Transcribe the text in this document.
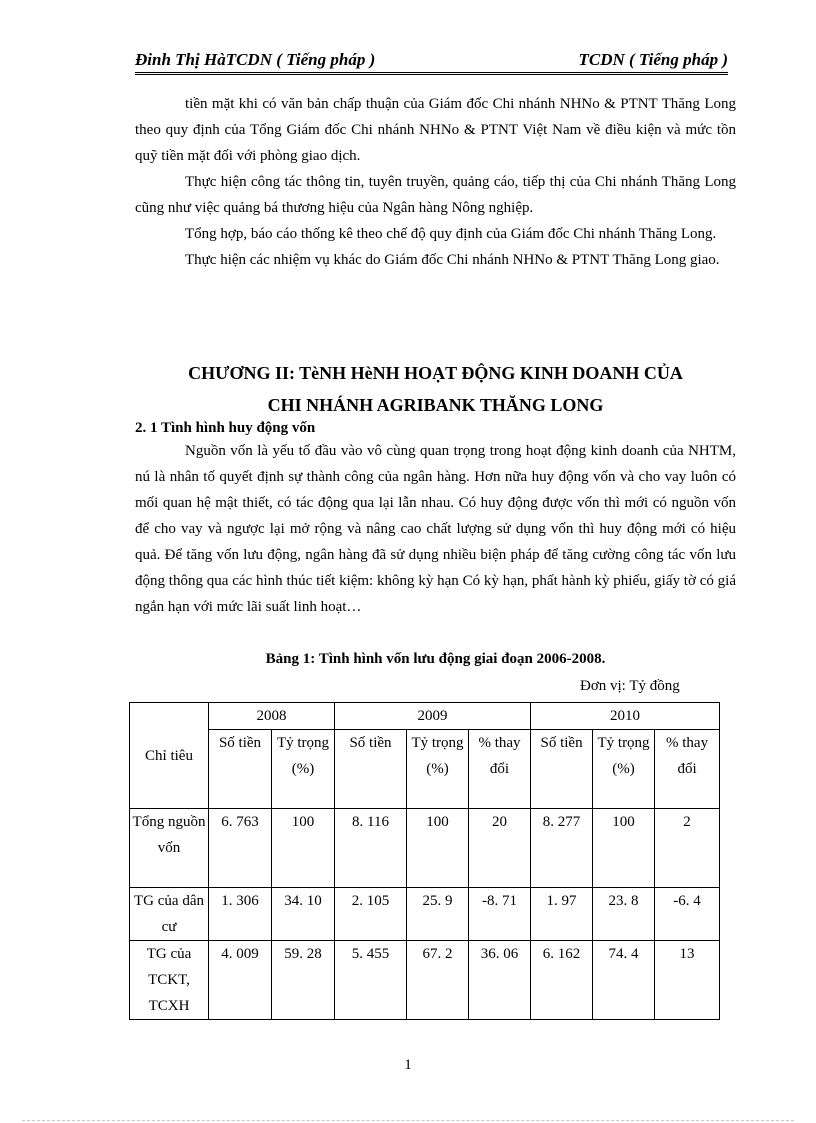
Đinh Thị HàTCDN ( Tiếng pháp )	TCDN ( Tiếng pháp )

tiền mặt khi có văn bản chấp thuận của Giám đốc Chi nhánh NHNo & PTNT Thăng Long theo quy định của Tổng Giám đốc Chi nhánh NHNo & PTNT Việt Nam về điều kiện và mức tồn quỹ tiền mặt đối với phòng giao dịch.

Thực hiện công tác thông tin, tuyên truyền, quảng cáo, tiếp thị của Chi nhánh Thăng Long cũng như việc quảng bá thương hiệu của Ngân hàng Nông nghiệp.

Tổng hợp, báo cáo thống kê theo chế độ quy định của Giám đốc Chi nhánh Thăng Long.

Thực hiện các nhiệm vụ khác do Giám đốc Chi nhánh NHNo & PTNT Thăng Long giao.

CHƯƠNG II: TèNH HèNH HOẠT ĐỘNG KINH DOANH CỦA
CHI NHÁNH AGRIBANK THĂNG LONG
2. 1 Tình hình huy động vốn

Nguồn vốn là yếu tố đầu vào vô cùng quan trọng trong hoạt động kinh doanh của NHTM, nú là nhân tố quyết định sự thành công của ngân hàng. Hơn nữa huy động vốn và cho vay luôn có mối quan hệ mật thiết, có tác động qua lại lẫn nhau. Có huy động được vốn thì mới có nguồn vốn để cho vay và ngược lại mở rộng và nâng cao chất lượng sử dụng vốn thì huy động mới có hiệu quả. Để tăng vốn lưu động, ngân hàng đã sử dụng nhiều biện pháp để tăng cường công tác vốn lưu động thông qua các hình thúc tiết kiệm: không kỳ hạn Có kỳ hạn, phất hành kỳ phiếu, giấy tờ có giá ngắn hạn với mức lãi suất linh hoạt…

Bảng 1: Tình hình vốn lưu động giai đoạn 2006-2008.
Đơn vị: Tỷ đồng
Chỉ tiêu	2008		2009			2010		
	Số tiền	Tỷ trọng (%)	Số tiền	Tỷ trọng (%)	% thay đổi	Số tiền	Tỷ trọng (%)	% thay đổi
Tổng nguồn vốn	6. 763	100	8. 116	100	20	8. 277	100	2
TG của dân cư	1. 306	34. 10	2. 105	25. 9	-8. 71	1. 97	23. 8	-6. 4
TG của TCKT, TCXH	4. 009	59. 28	5. 455	67. 2	36. 06	6. 162	74. 4	13
1
